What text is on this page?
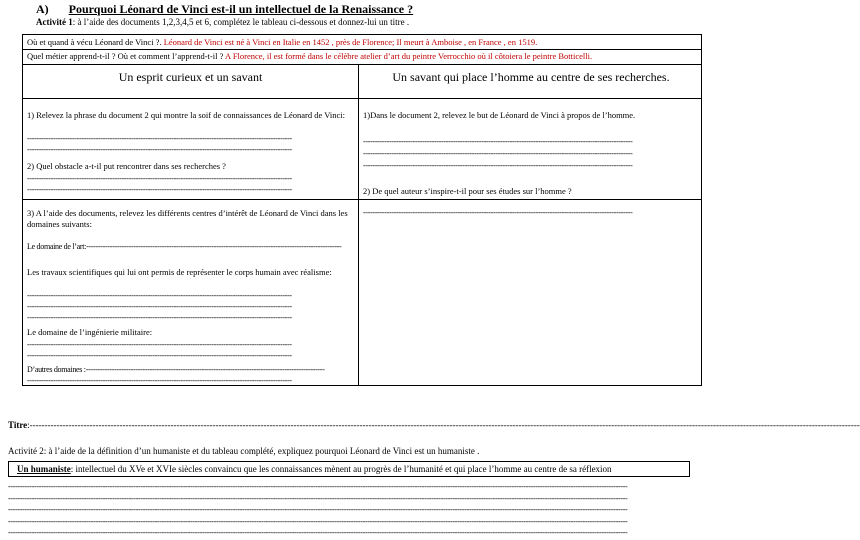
A) Pourquoi Léonard de Vinci est-il un intellectuel de la Renaissance ?
Activité 1: à l’aide des documents 1,2,3,4,5 et 6, complétez le tableau ci-dessous et donnez-lui un titre .
Où et quand à vécu Léonard de Vinci ?. Léonard de Vinci est né à Vinci en Italie en 1452 , près de Florence; Il meurt à Amboise , en France , en 1519.
Quel métier apprend-t-il ? Où et comment l’apprend-t-il ? A Florence, il est formé dans le célèbre atelier d’art du peintre Verrocchio où il côtoiera le peintre Botticelli.
Un esprit curieux et un savant	Un savant qui place l’homme au centre de ses recherches.
1) Relevez la phrase du document 2 qui montre la soif de connaissances de Léonard de Vinci:
----------------------------------------------------------------------------------------------------------------
----------------------------------------------------------------------------------------------------------------
2) Quel obstacle a-t-il put rencontrer dans ses recherches ?
----------------------------------------------------------------------------------------------------------------
----------------------------------------------------------------------------------------------------------------
3) A l’aide des documents, relevez les différents centres d’intérêt de Léonard de Vinci dans les domaines suivants:
Le domaine de l’art:------------------------------------------------------------------------------------------------------------
Les travaux scientifiques qui lui ont permis de représenter le corps humain avec réalisme:
----------------------------------------------------------------------------------------------------------------
----------------------------------------------------------------------------------------------------------------
----------------------------------------------------------------------------------------------------------------
Le domaine de l’ingénierie militaire:
----------------------------------------------------------------------------------------------------------------
----------------------------------------------------------------------------------------------------------------
D’autres domaines :-----------------------------------------------------------------------------------------------------
----------------------------------------------------------------------------------------------------------------
1)Dans le document 2, relevez le but de Léonard de Vinci à propos de l’homme.
------------------------------------------------------------------------------------------------------------------
------------------------------------------------------------------------------------------------------------------
------------------------------------------------------------------------------------------------------------------
2) De quel auteur s’inspire-t-il pour ses études sur l’homme ?
------------------------------------------------------------------------------------------------------------------
Titre:-------------------------------------------------------------------------------------------------------------------------------------------------------------------------------------------------------------------------------------------------------------------------------------
Activité 2: à l’aide de la définition d’un humaniste et du tableau complété, expliquez pourquoi Léonard de Vinci est un humaniste .
Un humaniste: intellectuel du XVe et XVIe siècles convaincu que les connaissances mènent au progrès de l’humanité et qui place l’homme au centre de sa réflexion
----------------------------------------------------------------------------------------------------------------------------------------------------------------------------------------------------------------------------------------------------------------------
----------------------------------------------------------------------------------------------------------------------------------------------------------------------------------------------------------------------------------------------------------------------
----------------------------------------------------------------------------------------------------------------------------------------------------------------------------------------------------------------------------------------------------------------------
----------------------------------------------------------------------------------------------------------------------------------------------------------------------------------------------------------------------------------------------------------------------
----------------------------------------------------------------------------------------------------------------------------------------------------------------------------------------------------------------------------------------------------------------------
